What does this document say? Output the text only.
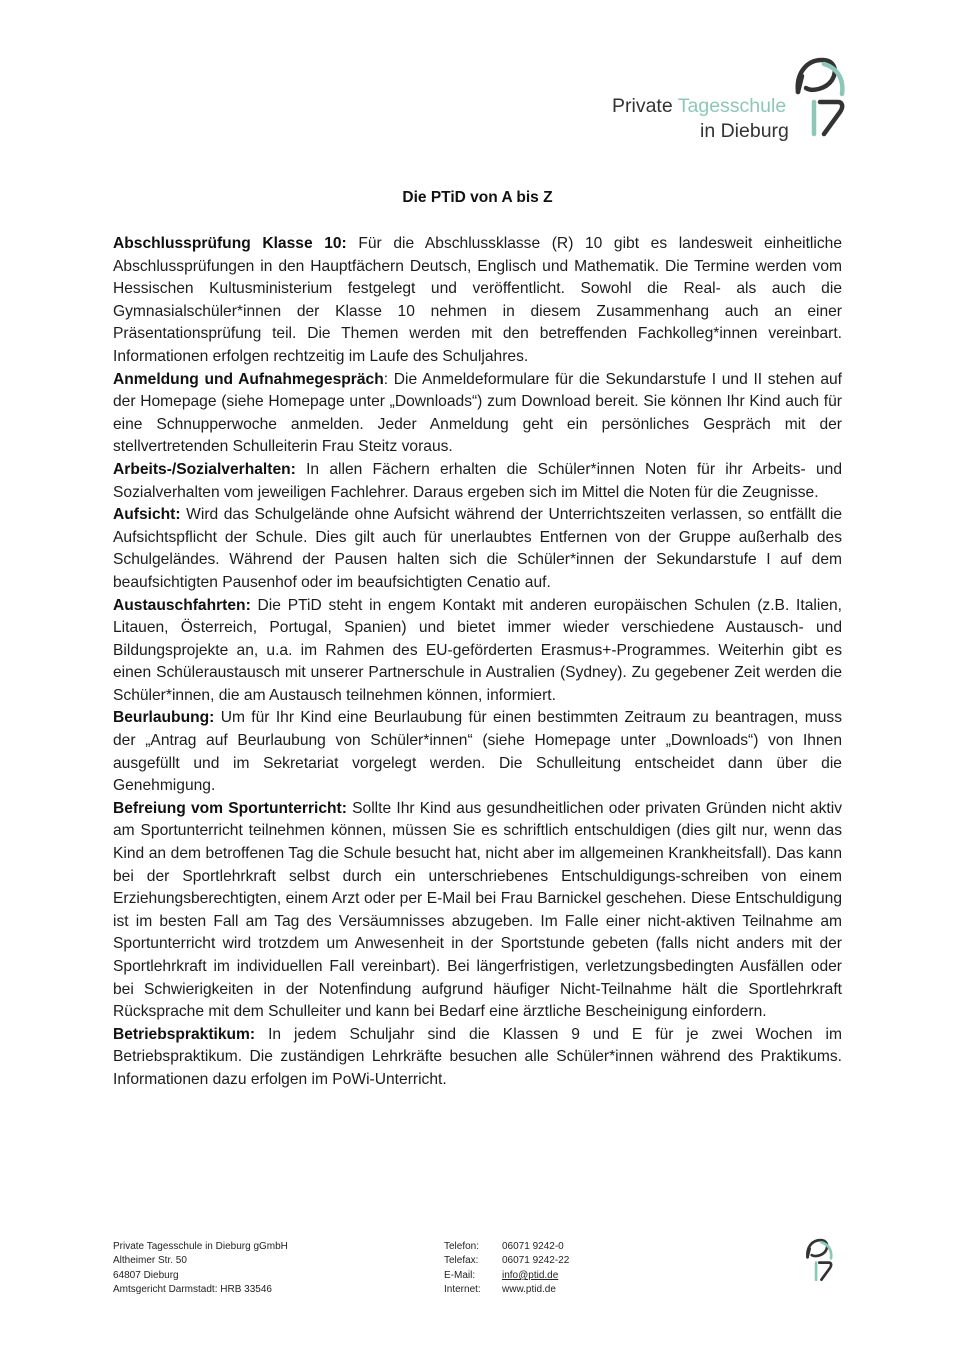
Private Tagesschule
in Dieburg
Die PTiD von A bis Z

Abschlussprüfung Klasse 10: Für die Abschlussklasse (R) 10 gibt es landesweit einheitliche Abschlussprüfungen in den Hauptfächern Deutsch, Englisch und Mathematik. Die Termine werden vom Hessischen Kultusministerium festgelegt und veröffentlicht. Sowohl die Real- als auch die Gymnasialschüler*innen der Klasse 10 nehmen in diesem Zusammenhang auch an einer Präsentationsprüfung teil. Die Themen werden mit den betreffenden Fachkolleg*innen vereinbart. Informationen erfolgen rechtzeitig im Laufe des Schuljahres.

Anmeldung und Aufnahmegespräch: Die Anmeldeformulare für die Sekundarstufe I und II stehen auf der Homepage (siehe Homepage unter „Downloads“) zum Download bereit. Sie können Ihr Kind auch für eine Schnupperwoche anmelden. Jeder Anmeldung geht ein persönliches Gespräch mit der stellvertretenden Schulleiterin Frau Steitz voraus.

Arbeits-/Sozialverhalten: In allen Fächern erhalten die Schüler*innen Noten für ihr Arbeits- und Sozialverhalten vom jeweiligen Fachlehrer. Daraus ergeben sich im Mittel die Noten für die Zeugnisse.

Aufsicht: Wird das Schulgelände ohne Aufsicht während der Unterrichtszeiten verlassen, so entfällt die Aufsichtspflicht der Schule. Dies gilt auch für unerlaubtes Entfernen von der Gruppe außerhalb des Schulgeländes. Während der Pausen halten sich die Schüler*innen der Sekundarstufe I auf dem beaufsichtigten Pausenhof oder im beaufsichtigten Cenatio auf.

Austauschfahrten: Die PTiD steht in engem Kontakt mit anderen europäischen Schulen (z.B. Italien, Litauen, Österreich, Portugal, Spanien) und bietet immer wieder verschiedene Austausch- und Bildungsprojekte an, u.a. im Rahmen des EU-geförderten Erasmus+-Programmes. Weiterhin gibt es einen Schüleraustausch mit unserer Partnerschule in Australien (Sydney). Zu gegebener Zeit werden die Schüler*innen, die am Austausch teilnehmen können, informiert.

Beurlaubung: Um für Ihr Kind eine Beurlaubung für einen bestimmten Zeitraum zu beantragen, muss der „Antrag auf Beurlaubung von Schüler*innen“ (siehe Homepage unter „Downloads“) von Ihnen ausgefüllt und im Sekretariat vorgelegt werden. Die Schulleitung entscheidet dann über die Genehmigung.

Befreiung vom Sportunterricht: Sollte Ihr Kind aus gesundheitlichen oder privaten Gründen nicht aktiv am Sportunterricht teilnehmen können, müssen Sie es schriftlich entschuldigen (dies gilt nur, wenn das Kind an dem betroffenen Tag die Schule besucht hat, nicht aber im allgemeinen Krankheitsfall). Das kann bei der Sportlehrkraft selbst durch ein unterschriebenes Entschuldigungs-schreiben von einem Erziehungsberechtigten, einem Arzt oder per E-Mail bei Frau Barnickel geschehen. Diese Entschuldigung ist im besten Fall am Tag des Versäumnisses abzugeben. Im Falle einer nicht-aktiven Teilnahme am Sportunterricht wird trotzdem um Anwesenheit in der Sportstunde gebeten (falls nicht anders mit der Sportlehrkraft im individuellen Fall vereinbart). Bei längerfristigen, verletzungsbedingten Ausfällen oder bei Schwierigkeiten in der Notenfindung aufgrund häufiger Nicht-Teilnahme hält die Sportlehrkraft Rücksprache mit dem Schulleiter und kann bei Bedarf eine ärztliche Bescheinigung einfordern.

Betriebspraktikum: In jedem Schuljahr sind die Klassen 9 und E für je zwei Wochen im Betriebspraktikum. Die zuständigen Lehrkräfte besuchen alle Schüler*innen während des Praktikums. Informationen dazu erfolgen im PoWi-Unterricht.

Private Tagesschule in Dieburg gGmbH
Altheimer Str. 50
64807 Dieburg
Amtsgericht Darmstadt: HRB 33546
Telefon:	06071 9242-0
Telefax:	06071 9242-22
E-Mail:	info@ptid.de
Internet:	www.ptid.de
